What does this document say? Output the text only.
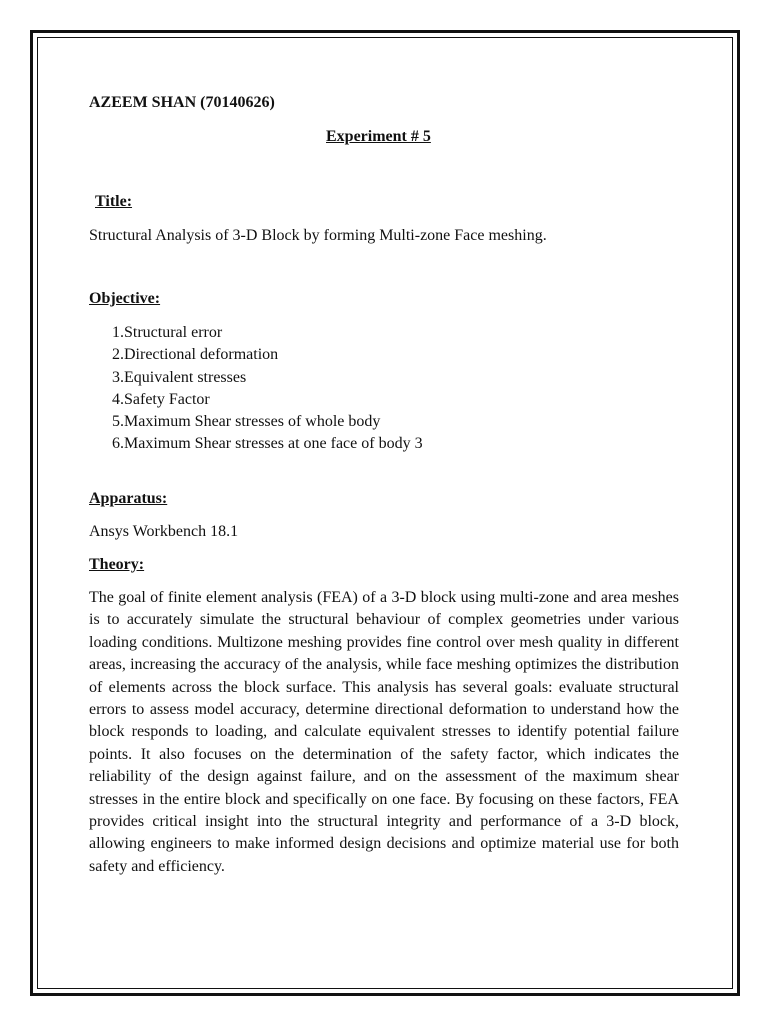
AZEEM SHAN (70140626)
Experiment # 5
Title:
Structural Analysis of 3-D Block by forming Multi-zone Face meshing.
Objective:
1.Structural error
2.Directional deformation
3.Equivalent stresses
4.Safety Factor
5.Maximum Shear stresses of whole body
6.Maximum Shear stresses at one face of body 3
Apparatus:
Ansys Workbench 18.1
Theory:

The goal of finite element analysis (FEA) of a 3-D block using multi-zone and area meshes is to accurately simulate the structural behaviour of complex geometries under various loading conditions. Multizone meshing provides fine control over mesh quality in different areas, increasing the accuracy of the analysis, while face meshing optimizes the distribution of elements across the block surface. This analysis has several goals: evaluate structural errors to assess model accuracy, determine directional deformation to understand how the block responds to loading, and calculate equivalent stresses to identify potential failure points. It also focuses on the determination of the safety factor, which indicates the reliability of the design against failure, and on the assessment of the maximum shear stresses in the entire block and specifically on one face. By focusing on these factors, FEA provides critical insight into the structural integrity and performance of a 3-D block, allowing engineers to make informed design decisions and optimize material use for both safety and efficiency.
